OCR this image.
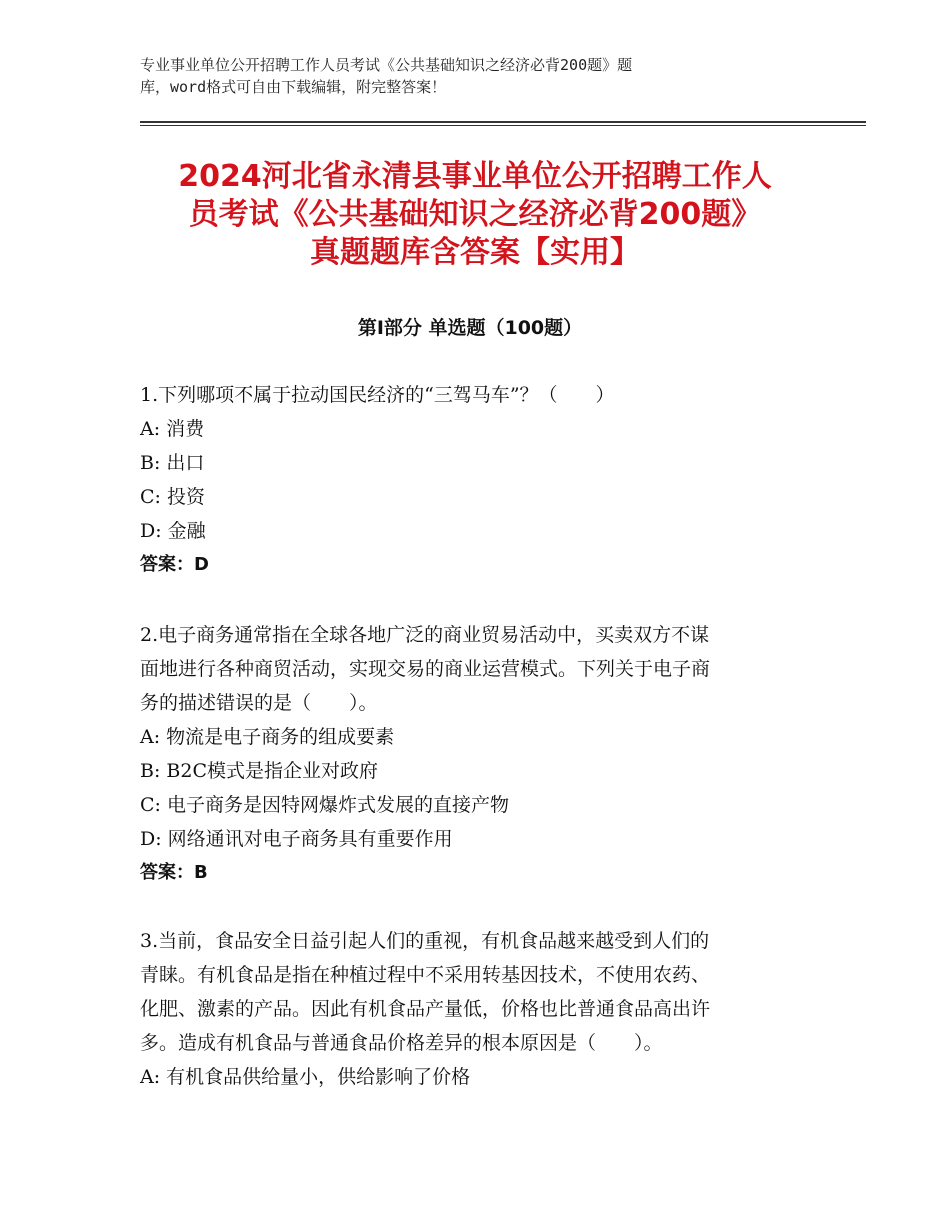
专业事业单位公开招聘工作人员考试《公共基础知识之经济必背200题》题
库，word格式可自由下载编辑，附完整答案！
2024河北省永清县事业单位公开招聘工作人
员考试《公共基础知识之经济必背200题》
真题题库含答案【实用】
第Ⅰ部分 单选题（100题）
1.下列哪项不属于拉动国民经济的“三驾马车”？（　　）
A: 消费
B: 出口
C: 投资
D: 金融
答案：D
2.电子商务通常指在全球各地广泛的商业贸易活动中，买卖双方不谋
面地进行各种商贸活动，实现交易的商业运营模式。下列关于电子商
务的描述错误的是（　　）。
A: 物流是电子商务的组成要素
B: B2C模式是指企业对政府
C: 电子商务是因特网爆炸式发展的直接产物
D: 网络通讯对电子商务具有重要作用
答案：B
3.当前，食品安全日益引起人们的重视，有机食品越来越受到人们的
青睐。有机食品是指在种植过程中不采用转基因技术，不使用农药、
化肥、激素的产品。因此有机食品产量低，价格也比普通食品高出许
多。造成有机食品与普通食品价格差异的根本原因是（　　）。
A: 有机食品供给量小，供给影响了价格
